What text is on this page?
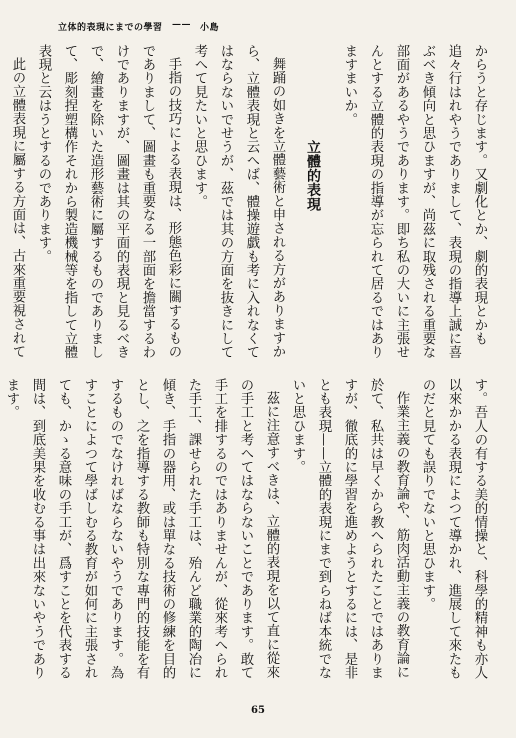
立体的表現にまでの學習 —— 小島

からうと存じます。又劇化とか、劇的表現とかも追々行はれやうでありまして、表現の指導上誠に喜ぶべき傾向と思ひますが、尚茲に取残される重要な部面があるやうであります。即ち私の大いに主張せんとする立體的表現の指導が忘られて居るではありますまいか。

立體的表現

舞踊の如きを立體藝術と申される方がありますから、立體表現と云へば、體操遊戯も考に入れなくてはならないでせうが、茲では其の方面を抜きにして考へて見たいと思ひます。

手指の技巧による表現は、形態色彩に關するものでありまして、圖畫も重要なる一部面を擔當するわけでありますが、圖畫は其の平面的表現と見るべきで、繪畫を除いた造形藝術に屬するものでありまして、彫刻捏塑構作それから製造機械等を指して立體表現と云はうとするのであります。

此の立體表現に屬する方面は、古來重要視されて

す。吾人の有する美的情操と、科學的精神も亦人以來かかる表現によつて導かれ、進展して來たものだと見ても誤りでないと思ひます。

作業主義の教育論や、筋肉活動主義の教育論に於て、私共は早くから教へられたことではありますが、徹底的に學習を進めようとするには、是非とも表現——立體的表現にまで到らねば本統でないと思ひます。

茲に注意すべきは、立體的表現を以て直に從來の手工と考へてはならないことであります。敢て手工を排するのではありませんが、從來考へられた手工、課せられた手工は、殆んど職業的陶冶に傾き、手指の器用、或は單なる技術の修練を目的とし、之を指導する教師も特別な專門的技能を有するものでなければならないやうであります。為すことによつて學ばしむる教育が如何に主張されても、かゝる意味の手工が、爲すことを代表する間は、到底美果を收むる事は出來ないやうであります。

65
